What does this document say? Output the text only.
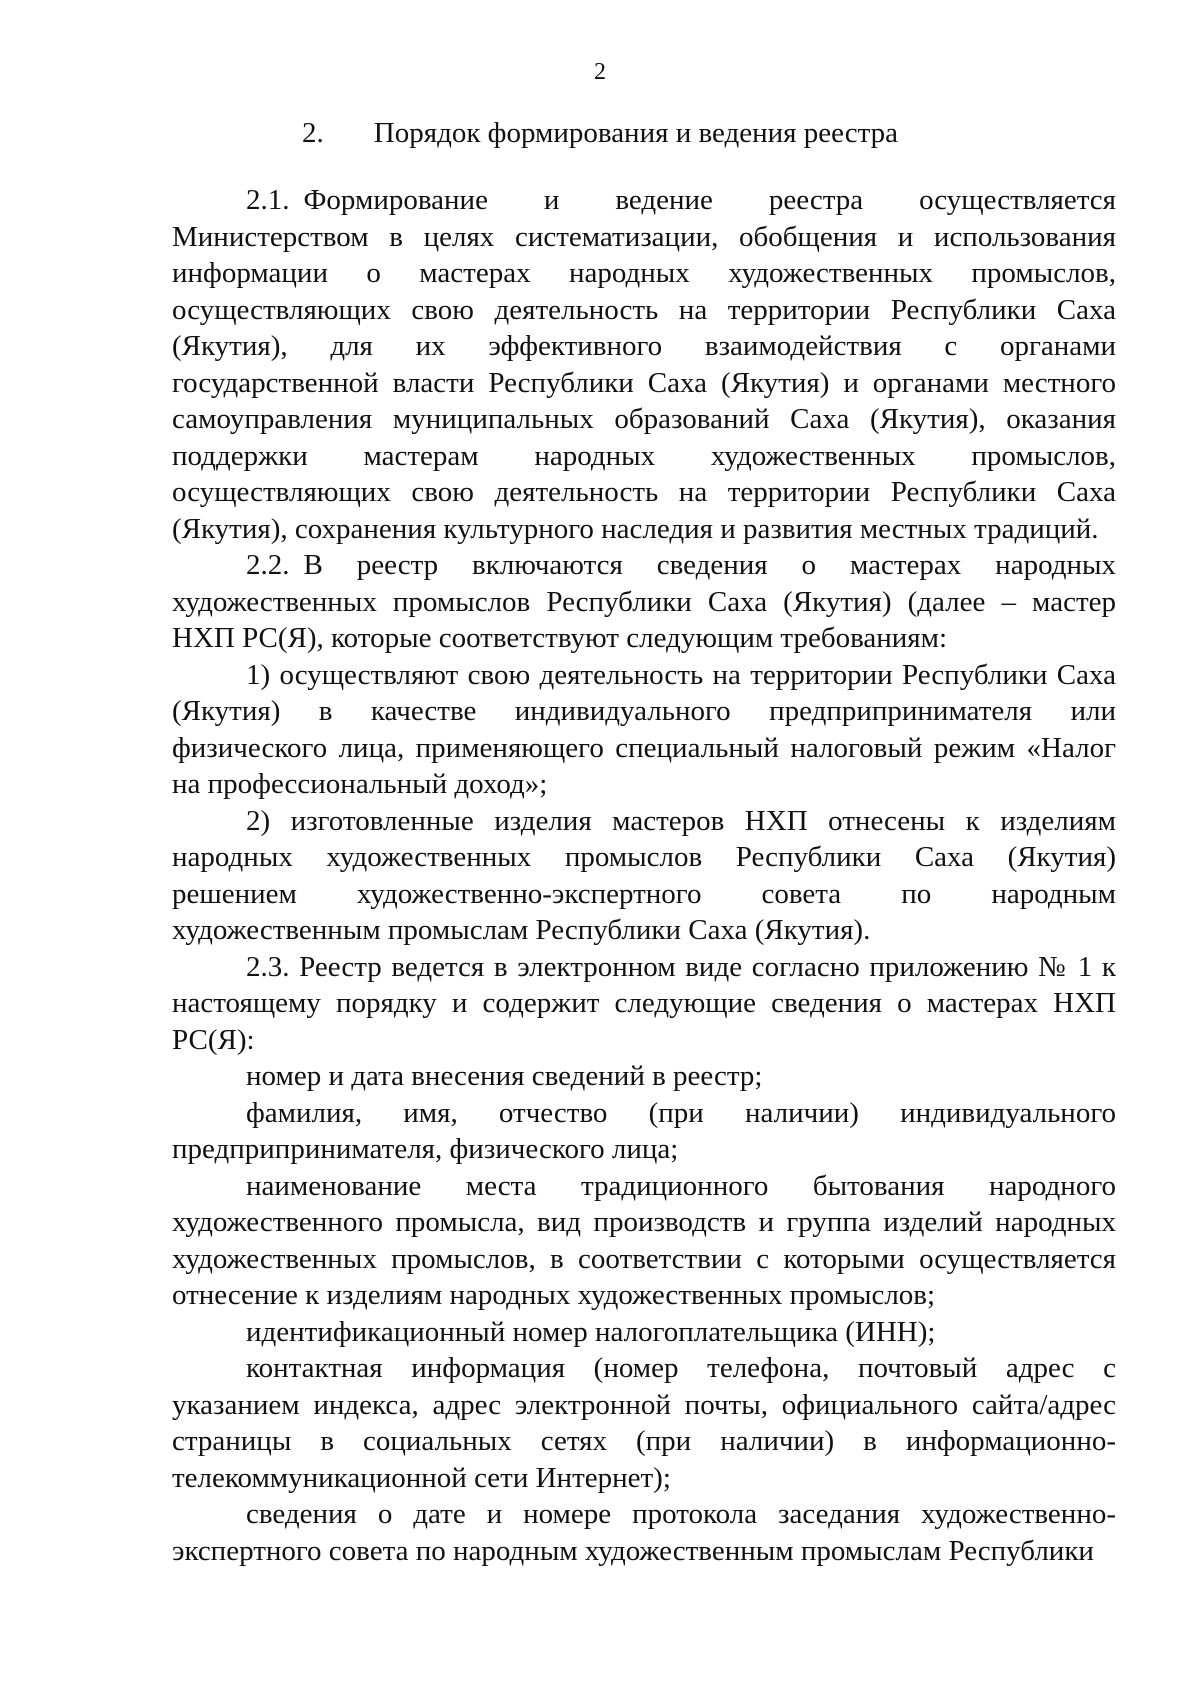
2
2. Порядок формирования и ведения реестра

2.1. Формирование и ведение реестра осуществляется Министерством в целях систематизации, обобщения и использования информации о мастерах народных художественных промыслов, осуществляющих свою деятельность на территории Республики Саха (Якутия), для их эффективного взаимодействия с органами государственной власти Республики Саха (Якутия) и органами местного самоуправления муниципальных образований Саха (Якутия), оказания поддержки мастерам народных художественных промыслов, осуществляющих свою деятельность на территории Республики Саха (Якутия), сохранения культурного наследия и развития местных традиций.

2.2. В реестр включаются сведения о мастерах народных художественных промыслов Республики Саха (Якутия) (далее – мастер НХП РС(Я), которые соответствуют следующим требованиям:

1) осуществляют свою деятельность на территории Республики Саха (Якутия) в качестве индивидуального предприпринимателя или физического лица, применяющего специальный налоговый режим «Налог на профессиональный доход»;

2) изготовленные изделия мастеров НХП отнесены к изделиям народных художественных промыслов Республики Саха (Якутия) решением художественно-экспертного совета по народным художественным промыслам Республики Саха (Якутия).

2.3. Реестр ведется в электронном виде согласно приложению № 1 к настоящему порядку и содержит следующие сведения о мастерах НХП РС(Я):

номер и дата внесения сведений в реестр;

фамилия, имя, отчество (при наличии) индивидуального предприпринимателя, физического лица;

наименование места традиционного бытования народного художественного промысла, вид производств и группа изделий народных художественных промыслов, в соответствии с которыми осуществляется отнесение к изделиям народных художественных промыслов;

идентификационный номер налогоплательщика (ИНН);

контактная информация (номер телефона, почтовый адрес с указанием индекса, адрес электронной почты, официального сайта/адрес страницы в социальных сетях (при наличии) в информационно-телекоммуникационной сети Интернет);

сведения о дате и номере протокола заседания художественно-экспертного совета по народным художественным промыслам Республики
